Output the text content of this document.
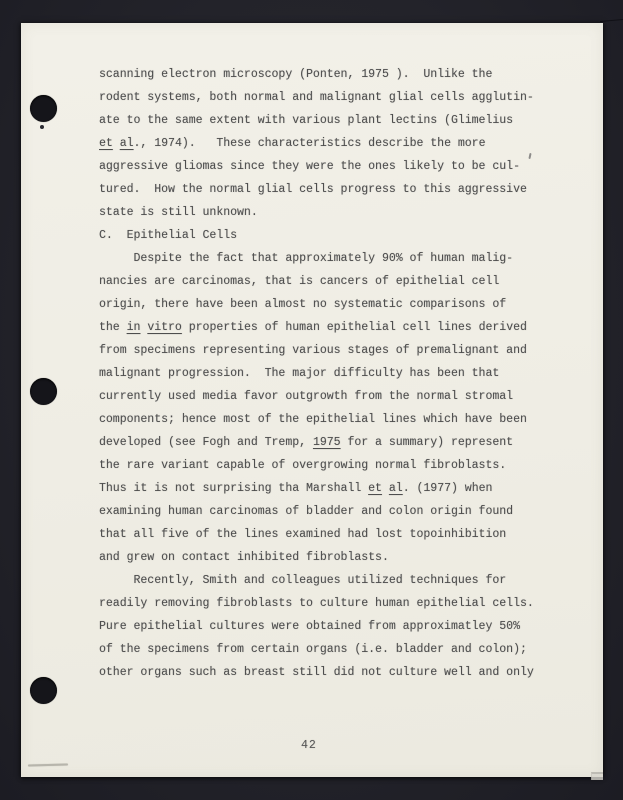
scanning electron microscopy (Ponten, 1975 ).  Unlike the
rodent systems, both normal and malignant glial cells agglutin-
ate to the same extent with various plant lectins (Glimelius
et al., 1974).   These characteristics describe the more
aggressive gliomas since they were the ones likely to be cul-
tured.  How the normal glial cells progress to this aggressive
state is still unknown.
C.  Epithelial Cells
Despite the fact that approximately 90% of human malig-
nancies are carcinomas, that is cancers of epithelial cell
origin, there have been almost no systematic comparisons of
the in vitro properties of human epithelial cell lines derived
from specimens representing various stages of premalignant and
malignant progression.  The major difficulty has been that
currently used media favor outgrowth from the normal stromal
components; hence most of the epithelial lines which have been
developed (see Fogh and Tremp, 1975 for a summary) represent
the rare variant capable of overgrowing normal fibroblasts.
Thus it is not surprising tha Marshall et al. (1977) when
examining human carcinomas of bladder and colon origin found
that all five of the lines examined had lost topoinhibition
and grew on contact inhibited fibroblasts.
Recently, Smith and colleagues utilized techniques for
readily removing fibroblasts to culture human epithelial cells.
Pure epithelial cultures were obtained from approximatley 50%
of the specimens from certain organs (i.e. bladder and colon);
other organs such as breast still did not culture well and only
42
